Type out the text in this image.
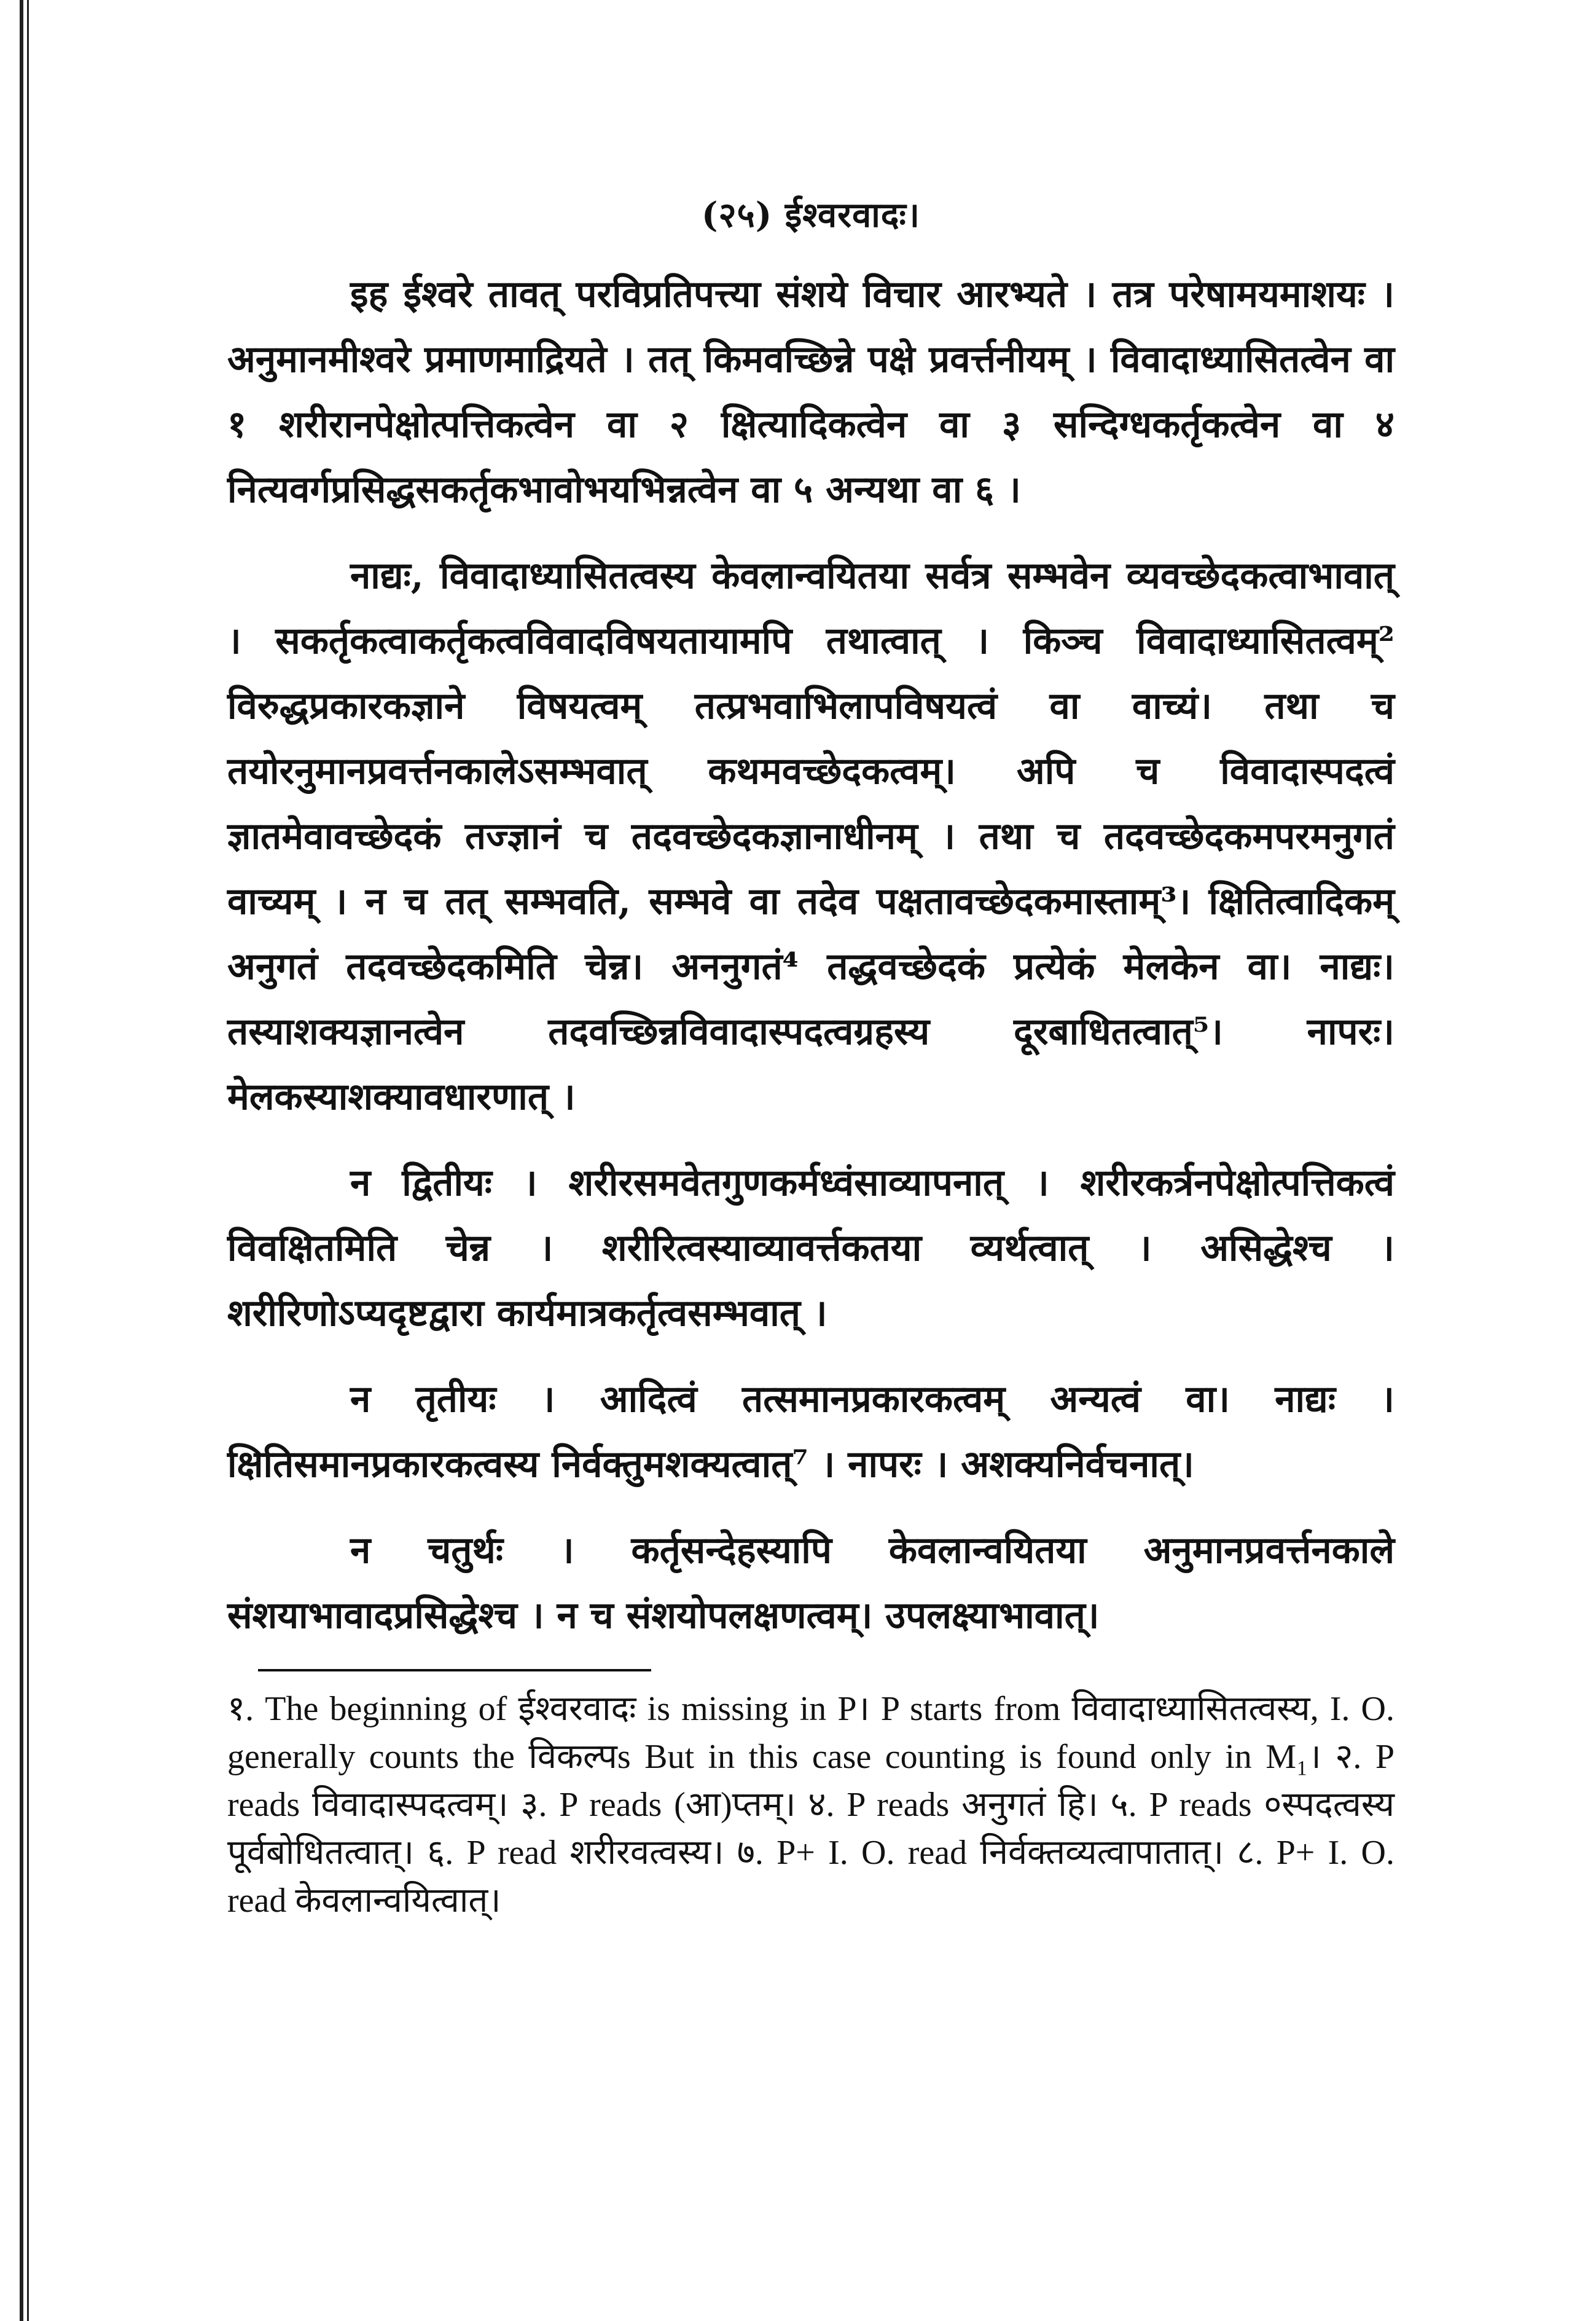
(२५) ईश्वरवादः।

इह ईश्वरे तावत् परविप्रतिपत्त्या संशये विचार आरभ्यते । तत्र परेषामयमाशयः । अनुमानमीश्वरे प्रमाणमाद्रियते । तत् किमवच्छिन्ने पक्षे प्रवर्त्तनीयम् । विवादाध्यासितत्वेन वा १ शरीरानपेक्षोत्पत्तिकत्वेन वा २ क्षित्यादिकत्वेन वा ३ सन्दिग्धकर्तृकत्वेन वा ४ नित्यवर्गप्रसिद्धसकर्तृकभावोभयभिन्नत्वेन वा ५ अन्यथा वा ६ ।

नाद्यः, विवादाध्यासितत्वस्य केवलान्वयितया सर्वत्र सम्भवेन व्यवच्छेदकत्वाभावात् । सकर्तृकत्वाकर्तृकत्वविवादविषयतायामपि तथात्वात् । किञ्च विवादाध्यासितत्वम्² विरुद्धप्रकारकज्ञाने विषयत्वम् तत्प्रभवाभिलापविषयत्वं वा वाच्यं। तथा च तयोरनुमानप्रवर्त्तनकालेऽसम्भवात् कथमवच्छेदकत्वम्। अपि च विवादास्पदत्वं ज्ञातमेवावच्छेदकं तज्ज्ञानं च तदवच्छेदकज्ञानाधीनम् । तथा च तदवच्छेदकमपरमनुगतं वाच्यम् । न च तत् सम्भवति, सम्भवे वा तदेव पक्षतावच्छेदकमास्ताम्³। क्षितित्वादिकम् अनुगतं तदवच्छेदकमिति चेन्न। अननुगतं⁴ तद्धवच्छेदकं प्रत्येकं मेलकेन वा। नाद्यः। तस्याशक्यज्ञानत्वेन तदवच्छिन्नविवादास्पदत्वग्रहस्य दूरबाधितत्वात्⁵। नापरः। मेलकस्याशक्यावधारणात् ।

न द्वितीयः । शरीरसमवेतगुणकर्मध्वंसाव्यापनात् । शरीरकर्त्रनपेक्षोत्पत्तिकत्वं विवक्षितमिति चेन्न । शरीरित्वस्याव्यावर्त्तकतया व्यर्थत्वात् । असिद्धेश्च । शरीरिणोऽप्यदृष्टद्वारा कार्यमात्रकर्तृत्वसम्भवात् ।

न तृतीयः । आदित्वं तत्समानप्रकारकत्वम् अन्यत्वं वा। नाद्यः । क्षितिसमानप्रकारकत्वस्य निर्वक्तुमशक्यत्वात्⁷ । नापरः । अशक्यनिर्वचनात्।

न चतुर्थः । कर्तृसन्देहस्यापि केवलान्वयितया अनुमानप्रवर्त्तनकाले संशयाभावादप्रसिद्धेश्च । न च संशयोपलक्षणत्वम्। उपलक्ष्याभावात्।

१. The beginning of ईश्वरवादः is missing in P। P starts from विवादाध्यासितत्वस्य, I. O. generally counts the विकल्पs But in this case counting is found only in M₁। २. P reads विवादास्पदत्वम्। ३. P reads (आ)प्तम्। ४. P reads अनुगतं हि। ५. P reads ०स्पदत्वस्य पूर्वबोधितत्वात्। ६. P read शरीरवत्वस्य। ७. P+ I. O. read निर्वक्तव्यत्वापातात्। ८. P+ I. O. read केवलान्वयित्वात्।
